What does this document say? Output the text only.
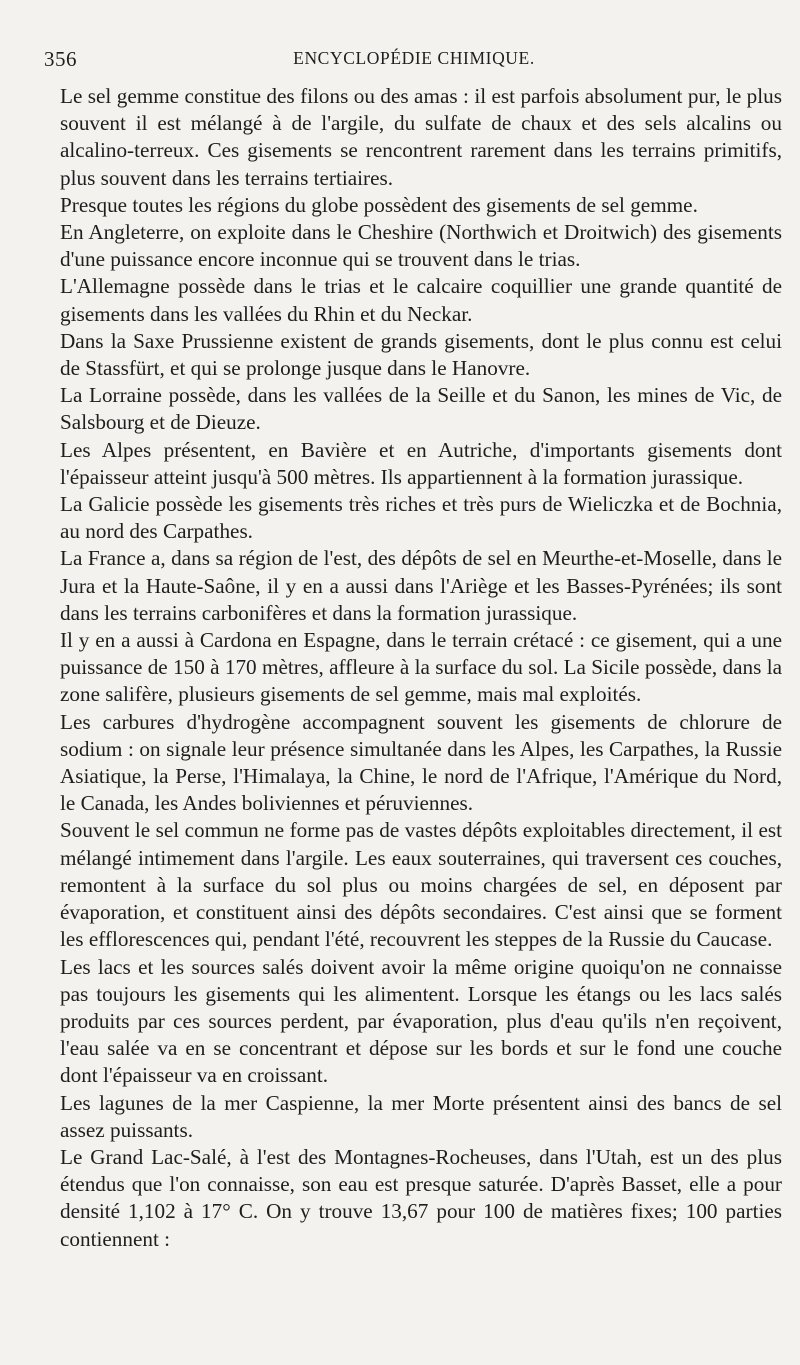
356	ENCYCLOPÉDIE CHIMIQUE.

Le sel gemme constitue des filons ou des amas : il est parfois absolument pur, le plus souvent il est mélangé à de l'argile, du sulfate de chaux et des sels alcalins ou alcalino-terreux. Ces gisements se rencontrent rarement dans les terrains primitifs, plus souvent dans les terrains tertiaires.

Presque toutes les régions du globe possèdent des gisements de sel gemme.

En Angleterre, on exploite dans le Cheshire (Northwich et Droitwich) des gisements d'une puissance encore inconnue qui se trouvent dans le trias.

L'Allemagne possède dans le trias et le calcaire coquillier une grande quantité de gisements dans les vallées du Rhin et du Neckar.

Dans la Saxe Prussienne existent de grands gisements, dont le plus connu est celui de Stassfürt, et qui se prolonge jusque dans le Hanovre.

La Lorraine possède, dans les vallées de la Seille et du Sanon, les mines de Vic, de Salsbourg et de Dieuze.

Les Alpes présentent, en Bavière et en Autriche, d'importants gisements dont l'épaisseur atteint jusqu'à 500 mètres. Ils appartiennent à la formation jurassique.

La Galicie possède les gisements très riches et très purs de Wieliczka et de Bochnia, au nord des Carpathes.

La France a, dans sa région de l'est, des dépôts de sel en Meurthe-et-Moselle, dans le Jura et la Haute-Saône, il y en a aussi dans l'Ariège et les Basses-Pyrénées; ils sont dans les terrains carbonifères et dans la formation jurassique.

Il y en a aussi à Cardona en Espagne, dans le terrain crétacé : ce gisement, qui a une puissance de 150 à 170 mètres, affleure à la surface du sol. La Sicile possède, dans la zone salifère, plusieurs gisements de sel gemme, mais mal exploités.

Les carbures d'hydrogène accompagnent souvent les gisements de chlorure de sodium : on signale leur présence simultanée dans les Alpes, les Carpathes, la Russie Asiatique, la Perse, l'Himalaya, la Chine, le nord de l'Afrique, l'Amérique du Nord, le Canada, les Andes boliviennes et péruviennes.

Souvent le sel commun ne forme pas de vastes dépôts exploitables directement, il est mélangé intimement dans l'argile. Les eaux souterraines, qui traversent ces couches, remontent à la surface du sol plus ou moins chargées de sel, en déposent par évaporation, et constituent ainsi des dépôts secondaires. C'est ainsi que se forment les efflorescences qui, pendant l'été, recouvrent les steppes de la Russie du Caucase.

Les lacs et les sources salés doivent avoir la même origine quoiqu'on ne connaisse pas toujours les gisements qui les alimentent. Lorsque les étangs ou les lacs salés produits par ces sources perdent, par évaporation, plus d'eau qu'ils n'en reçoivent, l'eau salée va en se concentrant et dépose sur les bords et sur le fond une couche dont l'épaisseur va en croissant.

Les lagunes de la mer Caspienne, la mer Morte présentent ainsi des bancs de sel assez puissants.

Le Grand Lac-Salé, à l'est des Montagnes-Rocheuses, dans l'Utah, est un des plus étendus que l'on connaisse, son eau est presque saturée. D'après Basset, elle a pour densité 1,102 à 17° C. On y trouve 13,67 pour 100 de matières fixes; 100 parties contiennent :
